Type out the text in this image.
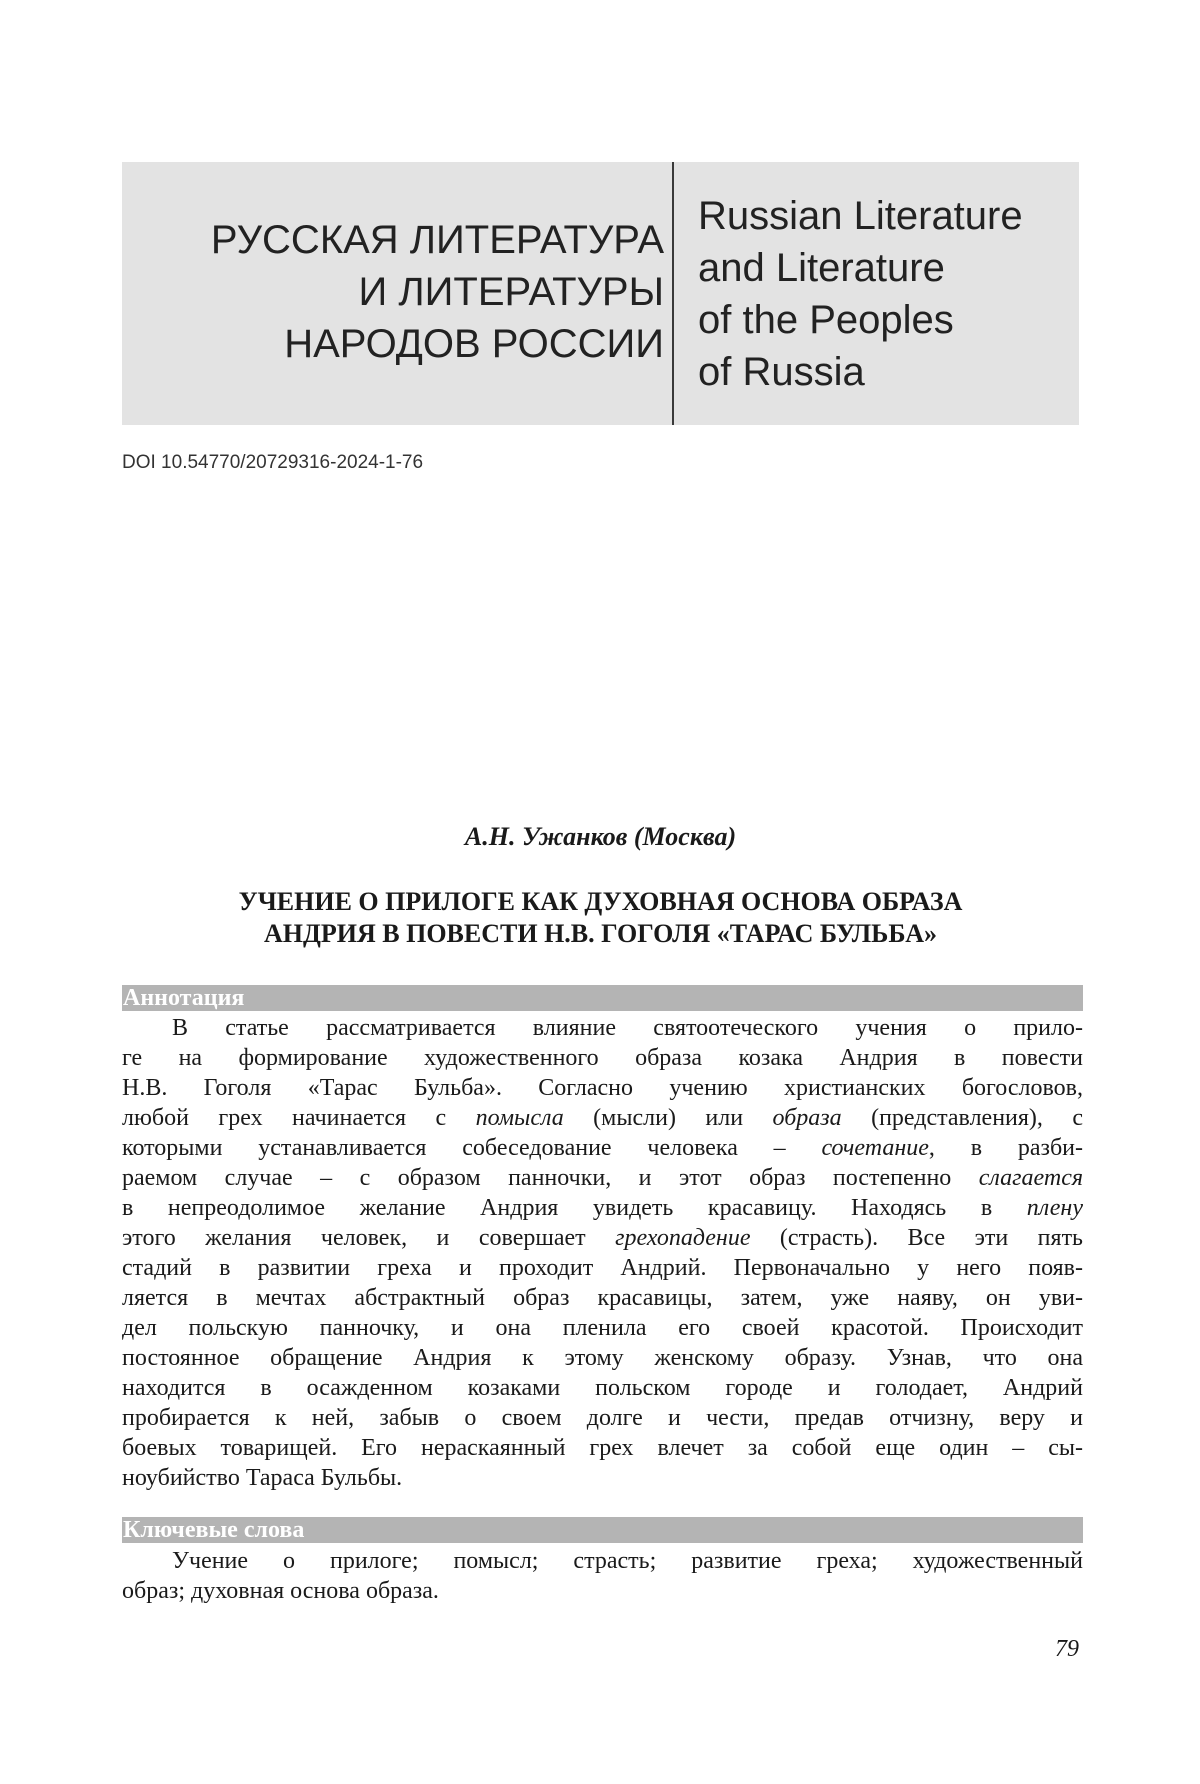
РУССКАЯ ЛИТЕРАТУРА
И ЛИТЕРАТУРЫ
НАРОДОВ РОССИИ
Russian Literature
and Literature
of the Peoples
of Russia
DOI 10.54770/20729316-2024-1-76
А.Н. Ужанков (Москва)
УЧЕНИЕ О ПРИЛОГЕ КАК ДУХОВНАЯ ОСНОВА ОБРАЗА
АНДРИЯ В ПОВЕСТИ Н.В. ГОГОЛЯ «ТАРАС БУЛЬБА»
Аннотация
В статье рассматривается влияние святоотеческого учения о прило-
ге на формирование художественного образа козака Андрия в повести
Н.В. Гоголя «Тарас Бульба». Согласно учению христианских богословов,
любой грех начинается с помысла (мысли) или образа (представления), с
которыми устанавливается собеседование человека – сочетание, в разби-
раемом случае – с образом панночки, и этот образ постепенно слагается
в непреодолимое желание Андрия увидеть красавицу. Находясь в плену
этого желания человек, и совершает грехопадение (страсть). Все эти пять
стадий в развитии греха и проходит Андрий. Первоначально у него появ-
ляется в мечтах абстрактный образ красавицы, затем, уже наяву, он уви-
дел польскую панночку, и она пленила его своей красотой. Происходит
постоянное обращение Андрия к этому женскому образу. Узнав, что она
находится в осажденном козаками польском городе и голодает, Андрий
пробирается к ней, забыв о своем долге и чести, предав отчизну, веру и
боевых товарищей. Его нераскаянный грех влечет за собой еще один – сы-
ноубийство Тараса Бульбы.
Ключевые слова
Учение о прилоге; помысл; страсть; развитие греха; художественный
образ; духовная основа образа.
79
